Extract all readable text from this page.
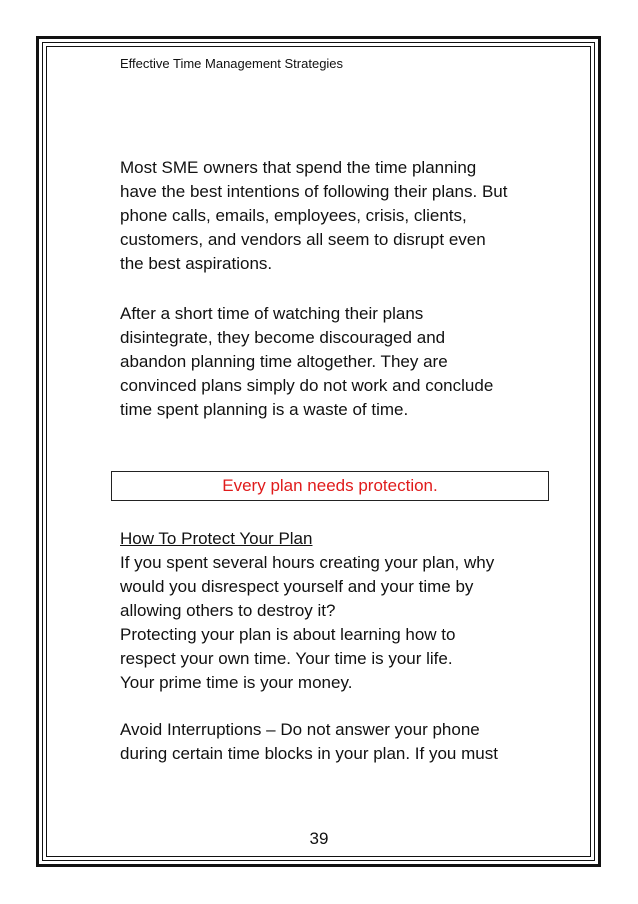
Effective Time Management Strategies
Most SME owners that spend the time planning
have the best intentions of following their plans. But
phone calls, emails, employees, crisis, clients,
customers, and vendors all seem to disrupt even
the best aspirations.
After a short time of watching their plans
disintegrate, they become discouraged and
abandon planning time altogether. They are
convinced plans simply do not work and conclude
time spent planning is a waste of time.
Every plan needs protection.
How To Protect Your Plan
If you spent several hours creating your plan, why
would you disrespect yourself and your time by
allowing others to destroy it?
Protecting your plan is about learning how to
respect your own time. Your time is your life.
Your prime time is your money.
Avoid Interruptions – Do not answer your phone
during certain time blocks in your plan. If you must
39
